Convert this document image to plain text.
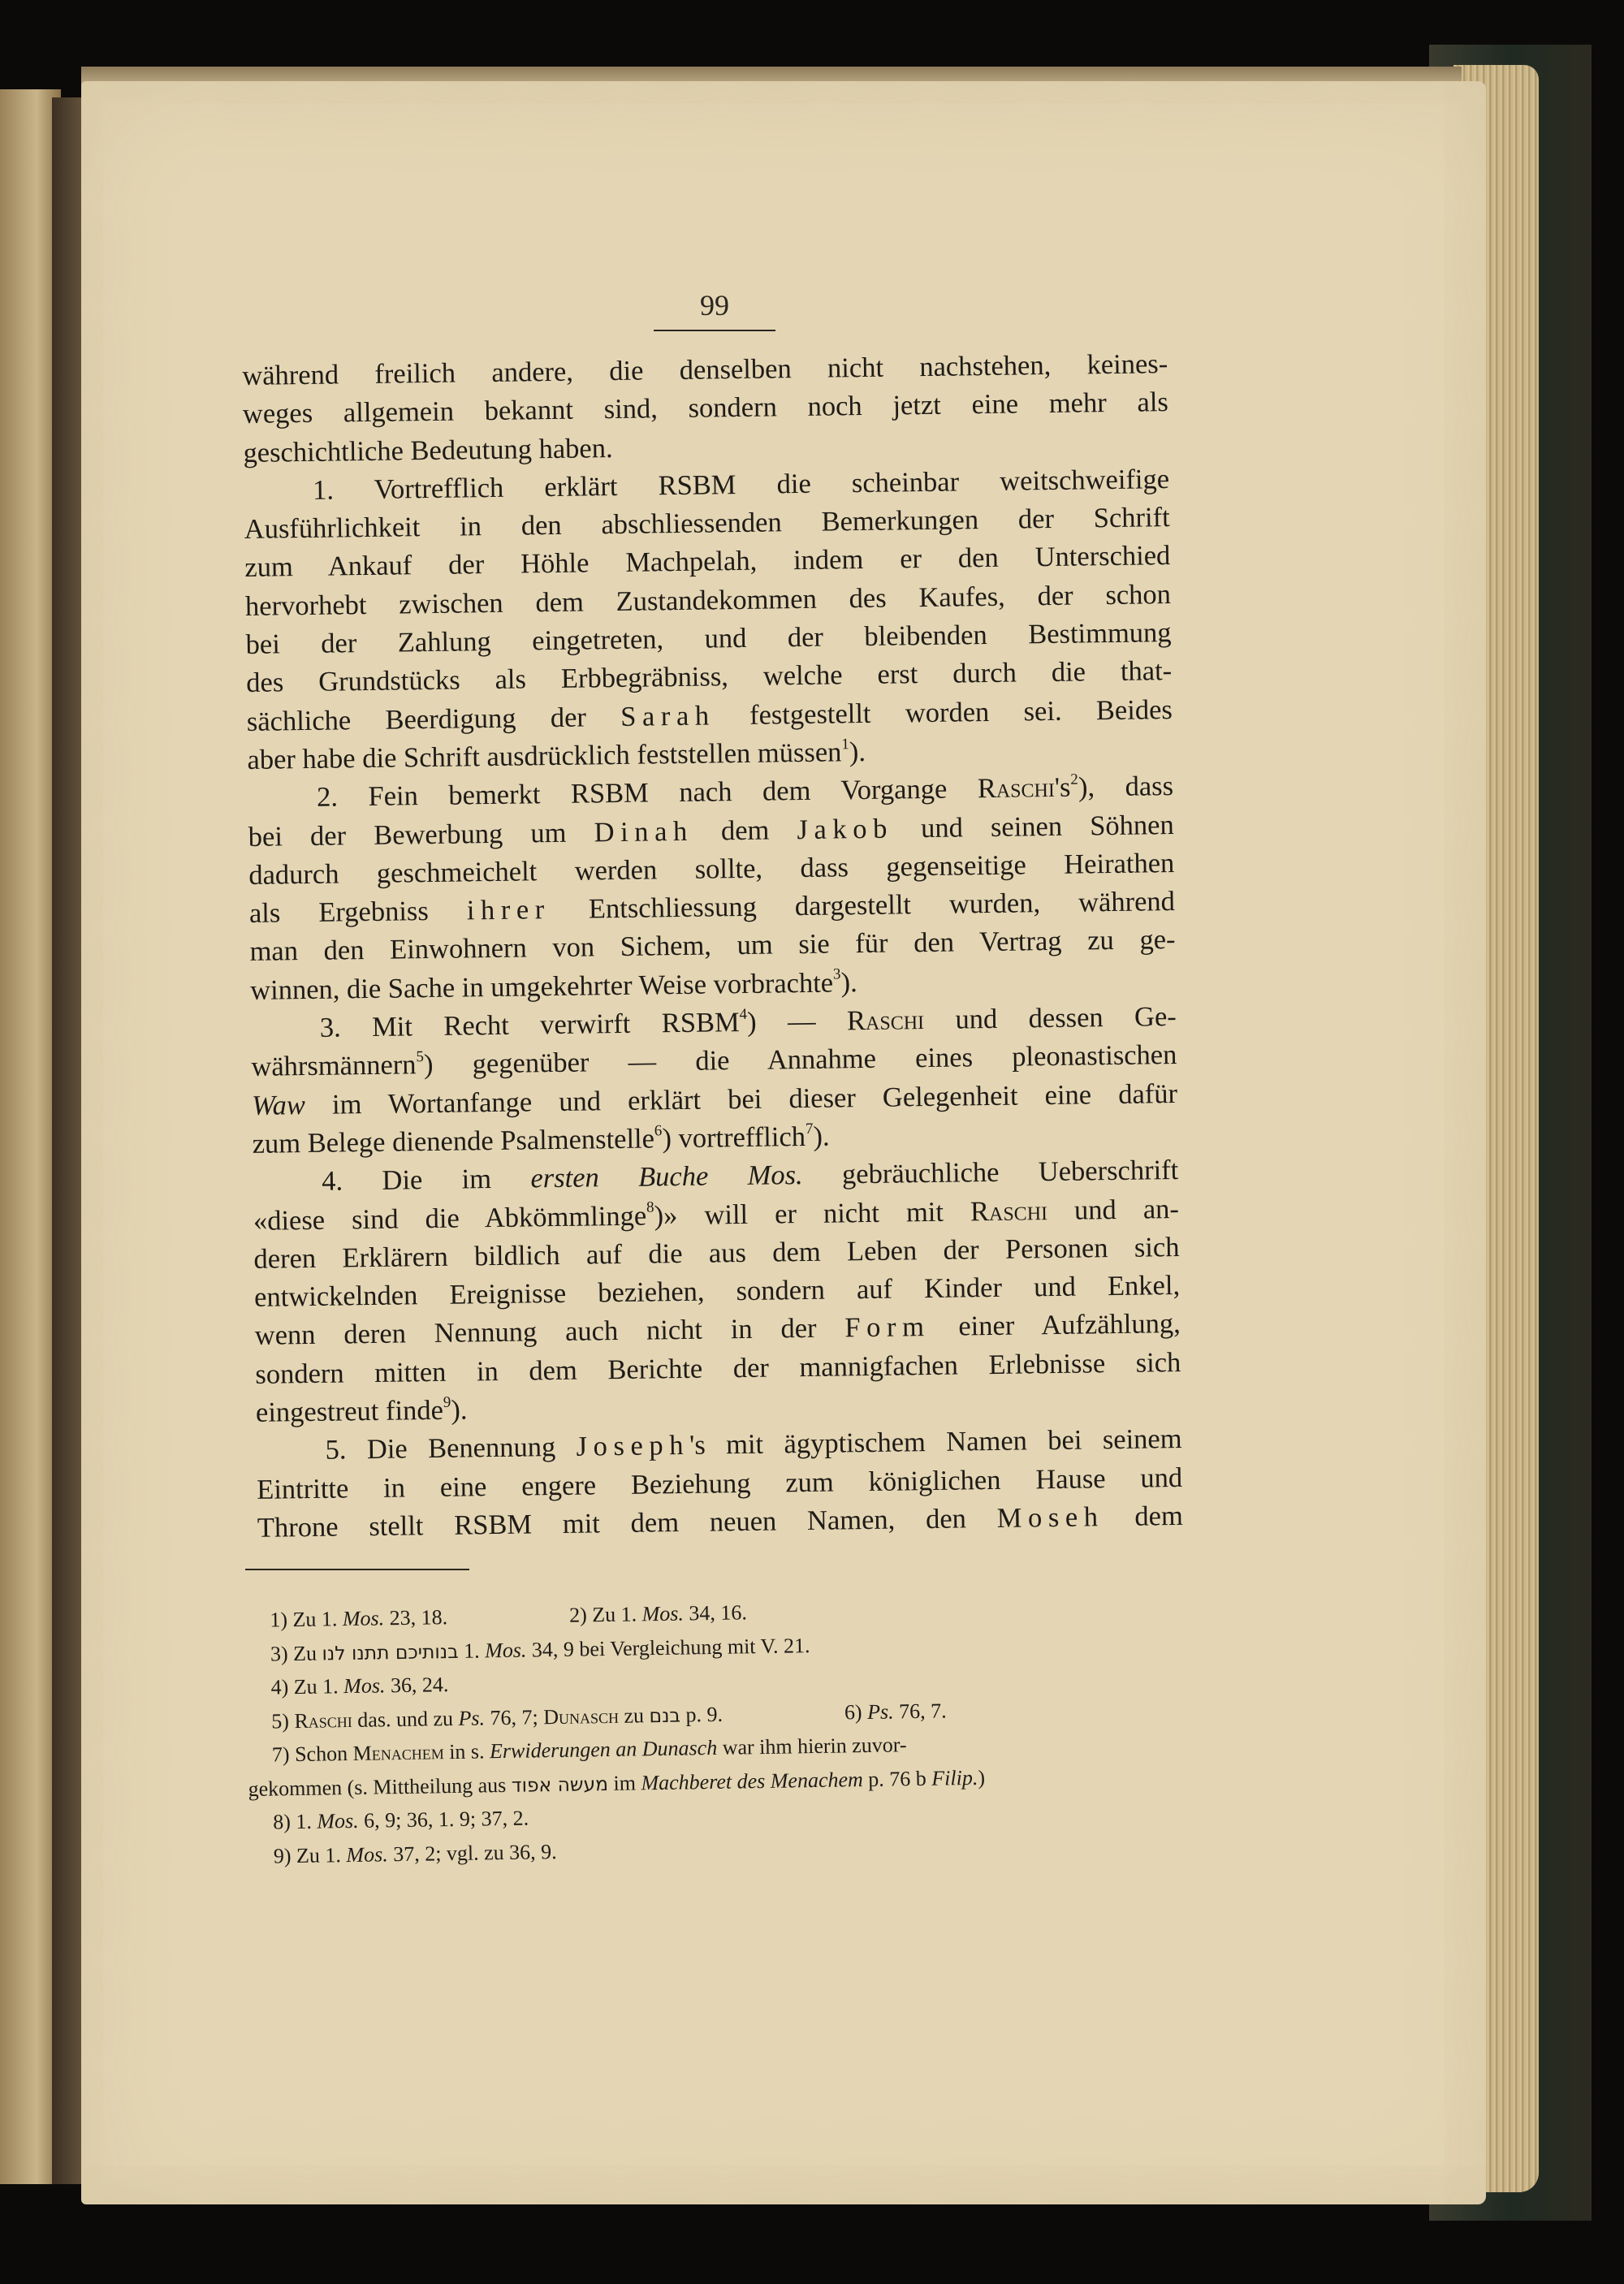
99
während freilich andere, die denselben nicht nachstehen, keines-
weges allgemein bekannt sind, sondern noch jetzt eine mehr als
geschichtliche Bedeutung haben.
1. Vortrefflich erklärt RSBM die scheinbar weitschweifige
Ausführlichkeit in den abschliessenden Bemerkungen der Schrift
zum Ankauf der Höhle Machpelah, indem er den Unterschied
hervorhebt zwischen dem Zustandekommen des Kaufes, der schon
bei der Zahlung eingetreten, und der bleibenden Bestimmung
des Grundstücks als Erbbegräbniss, welche erst durch die that-
sächliche Beerdigung der Sarah festgestellt worden sei. Beides
aber habe die Schrift ausdrücklich feststellen müssen$^1$).
2. Fein bemerkt RSBM nach dem Vorgange $Raschi's^2$), dass
bei der Bewerbung um Dinah dem Jakob und seinen Söhnen
dadurch geschmeichelt werden sollte, dass gegenseitige Heirathen
als Ergebniss ihrer Entschliessung dargestellt wurden, während
man den Einwohnern von Sichem, um sie für den Vertrag zu ge-
winnen, die Sache in umgekehrter Weise vorbrachte$^3$).
3. Mit Recht verwirft RSBM$^4$) — Raschi und dessen Ge-
währsmännern$^5$) gegenüber — die Annahme eines pleonastischen
Waw im Wortanfange und erklärt bei dieser Gelegenheit eine dafür
zum Belege dienende Psalmenstelle$^6$) vortrefflich$^7$).
4. Die im ersten Buche Mos. gebräuchliche Ueberschrift
«diese sind die Abkömmlinge$^8$)» will er nicht mit Raschi und an-
deren Erklärern bildlich auf die aus dem Leben der Personen sich
entwickelnden Ereignisse beziehen, sondern auf Kinder und Enkel,
wenn deren Nennung auch nicht in der Form einer Aufzählung,
sondern mitten in dem Berichte der mannigfachen Erlebnisse sich
eingestreut finde$^9$).
5. Die Benennung Joseph's mit ägyptischem Namen bei seinem
Eintritte in eine engere Beziehung zum königlichen Hause und
Throne stellt RSBM mit dem neuen Namen, den Moseh dem
1) Zu 1. Mos. 23, 18.	2) Zu 1. Mos. 34, 16.
3) Zu בנותיכם תתנו לנו 1. Mos. 34, 9 bei Vergleichung mit V. 21.
4) Zu 1. Mos. 36, 24.
5) Raschi das. und zu Ps. 76, 7; Dunasch zu בנם p. 9.	6) Ps. 76, 7.
7) Schon Menachem in s. Erwiderungen an Dunasch war ihm hierin zuvor-
gekommen (s. Mittheilung aus מעשה אפוד im Machberet des Menachem p. 76 b Filip.)
8) 1. Mos. 6, 9; 36, 1. 9; 37, 2.
9) Zu 1. Mos. 37, 2; vgl. zu 36, 9.
